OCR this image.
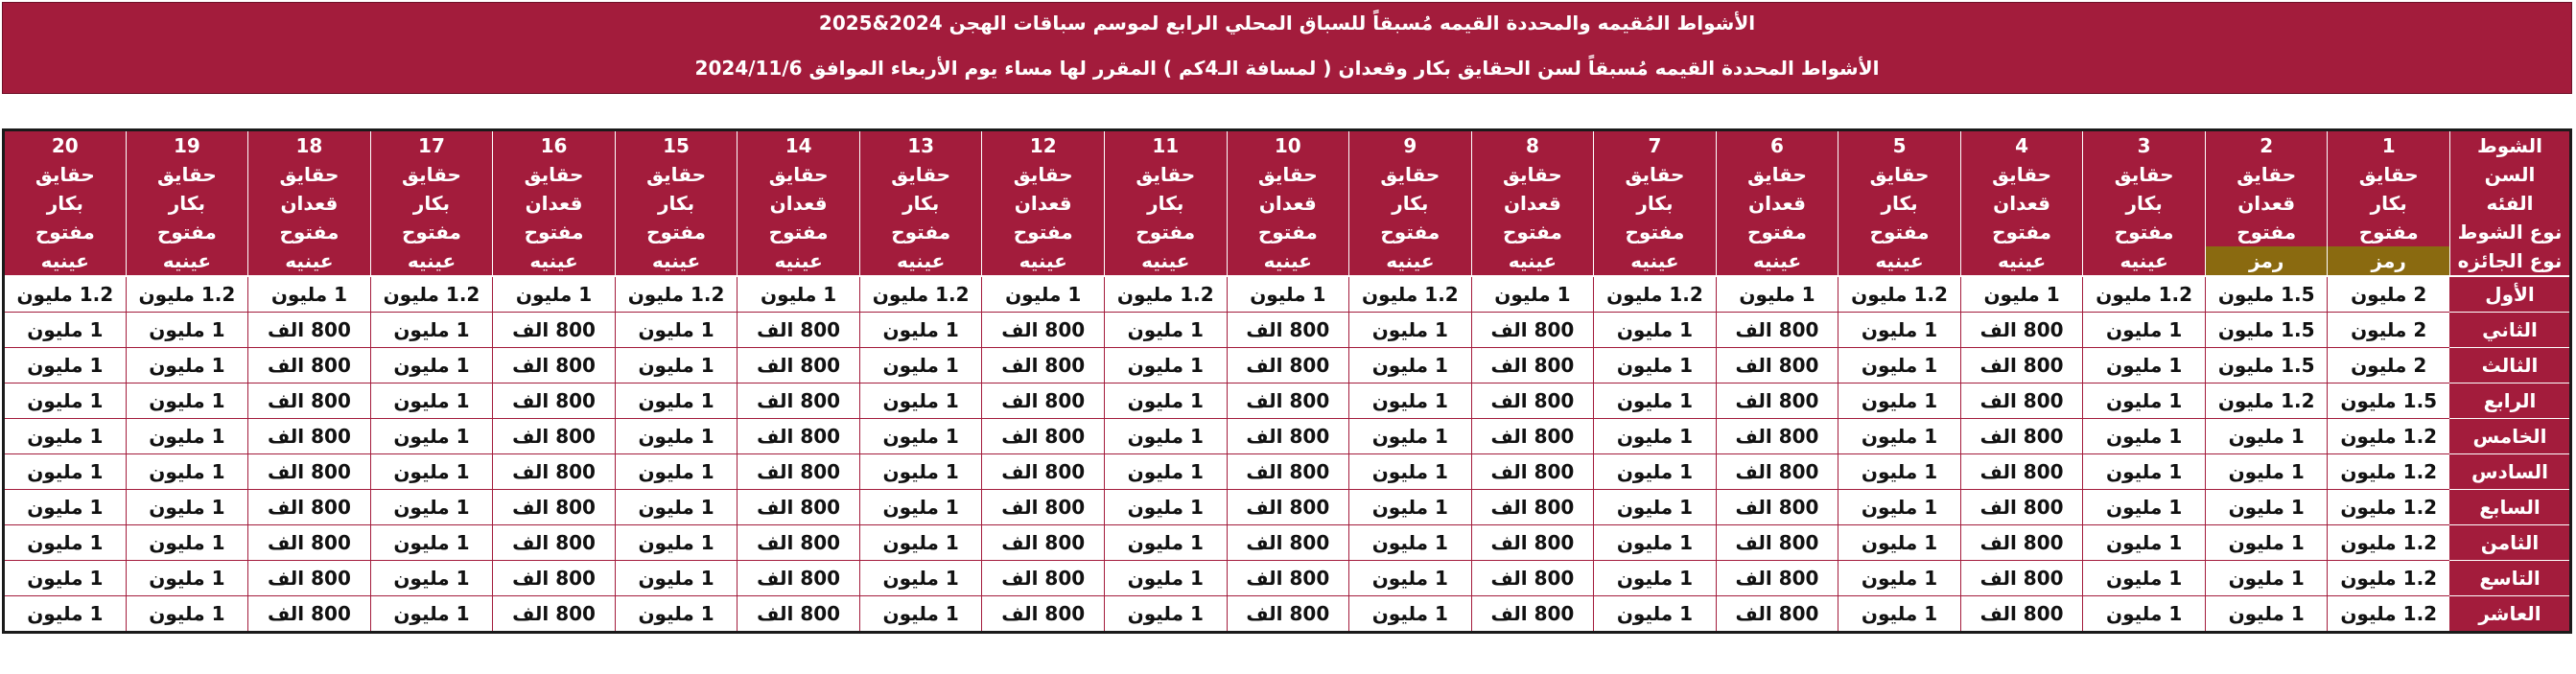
الأشواط المُقيمه والمحددة القيمه مُسبقاً للسباق المحلي الرابع لموسم سباقات الهجن 2024&2025
الأشواط المحددة القيمه مُسبقاً لسن الحقايق بكار وقعدان ( لمسافة الـ4كم ) المقرر لها مساء يوم الأربعاء الموافق 2024/11/6
الشوط	1	2	3	4	5	6	7	8	9	10	11	12	13	14	15	16	17	18	19	20
السن	حقايق	حقايق	حقايق	حقايق	حقايق	حقايق	حقايق	حقايق	حقايق	حقايق	حقايق	حقايق	حقايق	حقايق	حقايق	حقايق	حقايق	حقايق	حقايق	حقايق
الفئه	بكار	قعدان	بكار	قعدان	بكار	قعدان	بكار	قعدان	بكار	قعدان	بكار	قعدان	بكار	قعدان	بكار	قعدان	بكار	قعدان	بكار	بكار
نوع الشوط	مفتوح	مفتوح	مفتوح	مفتوح	مفتوح	مفتوح	مفتوح	مفتوح	مفتوح	مفتوح	مفتوح	مفتوح	مفتوح	مفتوح	مفتوح	مفتوح	مفتوح	مفتوح	مفتوح	مفتوح
نوع الجائزه	رمز	رمز	عينيه	عينيه	عينيه	عينيه	عينيه	عينيه	عينيه	عينيه	عينيه	عينيه	عينيه	عينيه	عينيه	عينيه	عينيه	عينيه	عينيه	عينيه
الأول	2 مليون	1.5 مليون	1.2 مليون	1 مليون	1.2 مليون	1 مليون	1.2 مليون	1 مليون	1.2 مليون	1 مليون	1.2 مليون	1 مليون	1.2 مليون	1 مليون	1.2 مليون	1 مليون	1.2 مليون	1 مليون	1.2 مليون	1.2 مليون
الثاني	2 مليون	1.5 مليون	1 مليون	800 الف	1 مليون	800 الف	1 مليون	800 الف	1 مليون	800 الف	1 مليون	800 الف	1 مليون	800 الف	1 مليون	800 الف	1 مليون	800 الف	1 مليون	1 مليون
الثالث	2 مليون	1.5 مليون	1 مليون	800 الف	1 مليون	800 الف	1 مليون	800 الف	1 مليون	800 الف	1 مليون	800 الف	1 مليون	800 الف	1 مليون	800 الف	1 مليون	800 الف	1 مليون	1 مليون
الرابع	1.5 مليون	1.2 مليون	1 مليون	800 الف	1 مليون	800 الف	1 مليون	800 الف	1 مليون	800 الف	1 مليون	800 الف	1 مليون	800 الف	1 مليون	800 الف	1 مليون	800 الف	1 مليون	1 مليون
الخامس	1.2 مليون	1 مليون	1 مليون	800 الف	1 مليون	800 الف	1 مليون	800 الف	1 مليون	800 الف	1 مليون	800 الف	1 مليون	800 الف	1 مليون	800 الف	1 مليون	800 الف	1 مليون	1 مليون
السادس	1.2 مليون	1 مليون	1 مليون	800 الف	1 مليون	800 الف	1 مليون	800 الف	1 مليون	800 الف	1 مليون	800 الف	1 مليون	800 الف	1 مليون	800 الف	1 مليون	800 الف	1 مليون	1 مليون
السابع	1.2 مليون	1 مليون	1 مليون	800 الف	1 مليون	800 الف	1 مليون	800 الف	1 مليون	800 الف	1 مليون	800 الف	1 مليون	800 الف	1 مليون	800 الف	1 مليون	800 الف	1 مليون	1 مليون
الثامن	1.2 مليون	1 مليون	1 مليون	800 الف	1 مليون	800 الف	1 مليون	800 الف	1 مليون	800 الف	1 مليون	800 الف	1 مليون	800 الف	1 مليون	800 الف	1 مليون	800 الف	1 مليون	1 مليون
التاسع	1.2 مليون	1 مليون	1 مليون	800 الف	1 مليون	800 الف	1 مليون	800 الف	1 مليون	800 الف	1 مليون	800 الف	1 مليون	800 الف	1 مليون	800 الف	1 مليون	800 الف	1 مليون	1 مليون
العاشر	1.2 مليون	1 مليون	1 مليون	800 الف	1 مليون	800 الف	1 مليون	800 الف	1 مليون	800 الف	1 مليون	800 الف	1 مليون	800 الف	1 مليون	800 الف	1 مليون	800 الف	1 مليون	1 مليون
